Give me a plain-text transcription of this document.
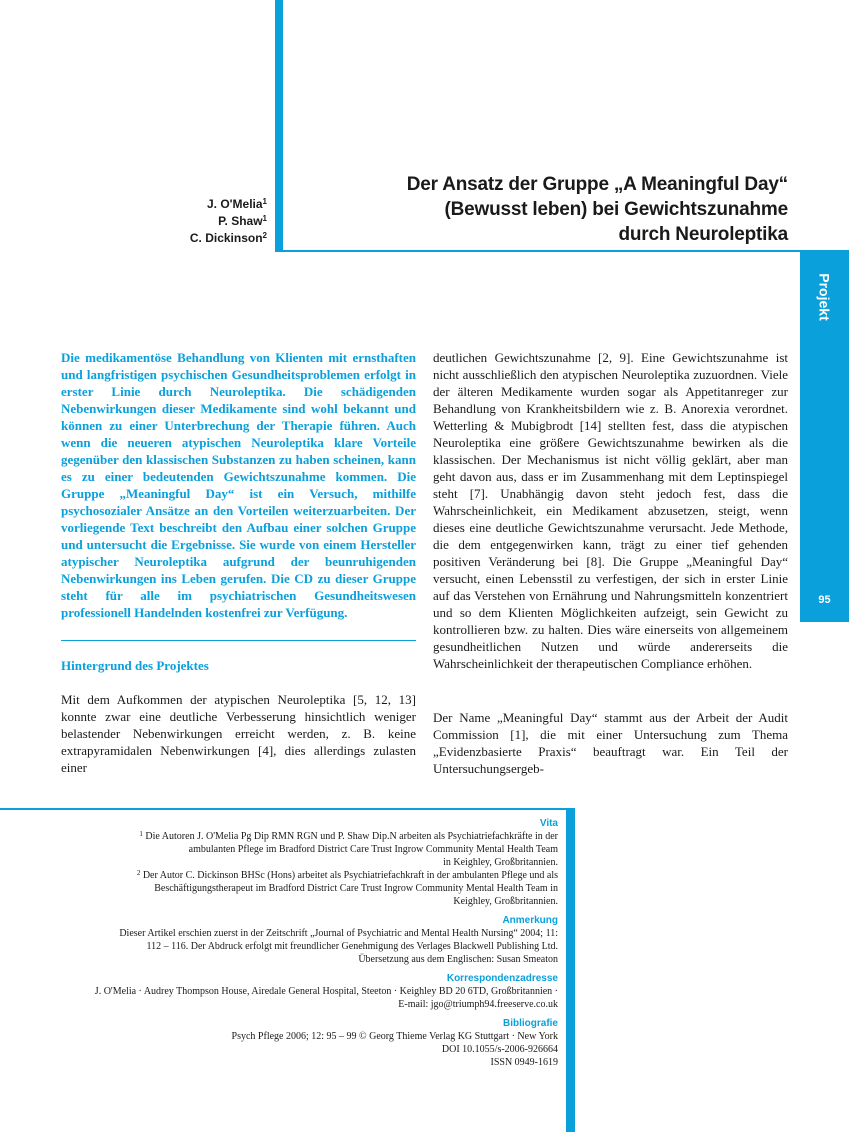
Projekt
95
J. O'Melia$^1$
P. Shaw$^1$
C. Dickinson$^2$
Der Ansatz der Gruppe „A Meaningful Day“
(Bewusst leben) bei Gewichtszunahme
durch Neuroleptika

Die medikamentöse Behandlung von Klienten mit ernsthaften und langfristigen psychischen Gesundheitsproblemen erfolgt in erster Linie durch Neuroleptika. Die schädigenden Nebenwirkungen dieser Medikamente sind wohl bekannt und können zu einer Unterbrechung der Therapie führen. Auch wenn die neueren atypischen Neuroleptika klare Vorteile gegenüber den klassischen Substanzen zu haben scheinen, kann es zu einer bedeutenden Gewichtszunahme kommen. Die Gruppe „Meaningful Day“ ist ein Versuch, mithilfe psychosozialer Ansätze an den Vorteilen weiterzuarbeiten. Der vorliegende Text beschreibt den Aufbau einer solchen Gruppe und untersucht die Ergebnisse. Sie wurde von einem Hersteller atypischer Neuroleptika aufgrund der beunruhigenden Nebenwirkungen ins Leben gerufen. Die CD zu dieser Gruppe steht für alle im psychiatrischen Gesundheitswesen professionell Handelnden kostenfrei zur Verfügung.

Hintergrund des Projektes

Mit dem Aufkommen der atypischen Neuroleptika [5, 12, 13] konnte zwar eine deutliche Verbesserung hinsichtlich weniger belastender Nebenwirkungen erreicht werden, z. B. keine extrapyramidalen Nebenwirkungen [4], dies allerdings zulasten einer

deutlichen Gewichtszunahme [2, 9]. Eine Gewichtszunahme ist nicht ausschließlich den atypischen Neuroleptika zuzuordnen. Viele der älteren Medikamente wurden sogar als Appetitanreger zur Behandlung von Krankheitsbildern wie z. B. Anorexia verordnet. Wetterling & Mubigbrodt [14] stellten fest, dass die atypischen Neuroleptika eine größere Gewichtszunahme bewirken als die klassischen. Der Mechanismus ist nicht völlig geklärt, aber man geht davon aus, dass er im Zusammenhang mit dem Leptinspiegel steht [7]. Unabhängig davon steht jedoch fest, dass die Wahrscheinlichkeit, ein Medikament abzusetzen, steigt, wenn dieses eine deutliche Gewichtszunahme verursacht. Jede Methode, die dem entgegenwirken kann, trägt zu einer tief gehenden positiven Veränderung bei [8]. Die Gruppe „Meaningful Day“ versucht, einen Lebensstil zu verfestigen, der sich in erster Linie auf das Verstehen von Ernährung und Nahrungsmitteln konzentriert und so dem Klienten Möglichkeiten aufzeigt, sein Gewicht zu kontrollieren bzw. zu halten. Dies wäre einerseits von allgemeinem gesundheitlichen Nutzen und würde andererseits die Wahrscheinlichkeit der therapeutischen Compliance erhöhen.

Der Name „Meaningful Day“ stammt aus der Arbeit der Audit Commission [1], die mit einer Untersuchung zum Thema „Evidenzbasierte Praxis“ beauftragt war. Ein Teil der Untersuchungsergeb-

Vita

$^1$ Die Autoren J. O'Melia Pg Dip RMN RGN und P. Shaw Dip.N arbeiten als Psychiatriefachkräfte in der

ambulanten Pflege im Bradford District Care Trust Ingrow Community Mental Health Team

in Keighley, Großbritannien.

$^2$ Der Autor C. Dickinson BHSc (Hons) arbeitet als Psychiatriefachkraft in der ambulanten Pflege und als

Beschäftigungstherapeut im Bradford District Care Trust Ingrow Community Mental Health Team in

Keighley, Großbritannien.

Anmerkung

Dieser Artikel erschien zuerst in der Zeitschrift „Journal of Psychiatric and Mental Health Nursing“ 2004; 11:

112 – 116. Der Abdruck erfolgt mit freundlicher Genehmigung des Verlages Blackwell Publishing Ltd.

Übersetzung aus dem Englischen: Susan Smeaton

Korrespondenzadresse

J. O'Melia · Audrey Thompson House, Airedale General Hospital, Steeton · Keighley BD 20 6TD, Großbritannien ·

E-mail: jgo@triumph94.freeserve.co.uk

Bibliografie

Psych Pflege 2006; 12: 95 – 99 © Georg Thieme Verlag KG Stuttgart · New York

DOI 10.1055/s-2006-926664

ISSN 0949-1619
